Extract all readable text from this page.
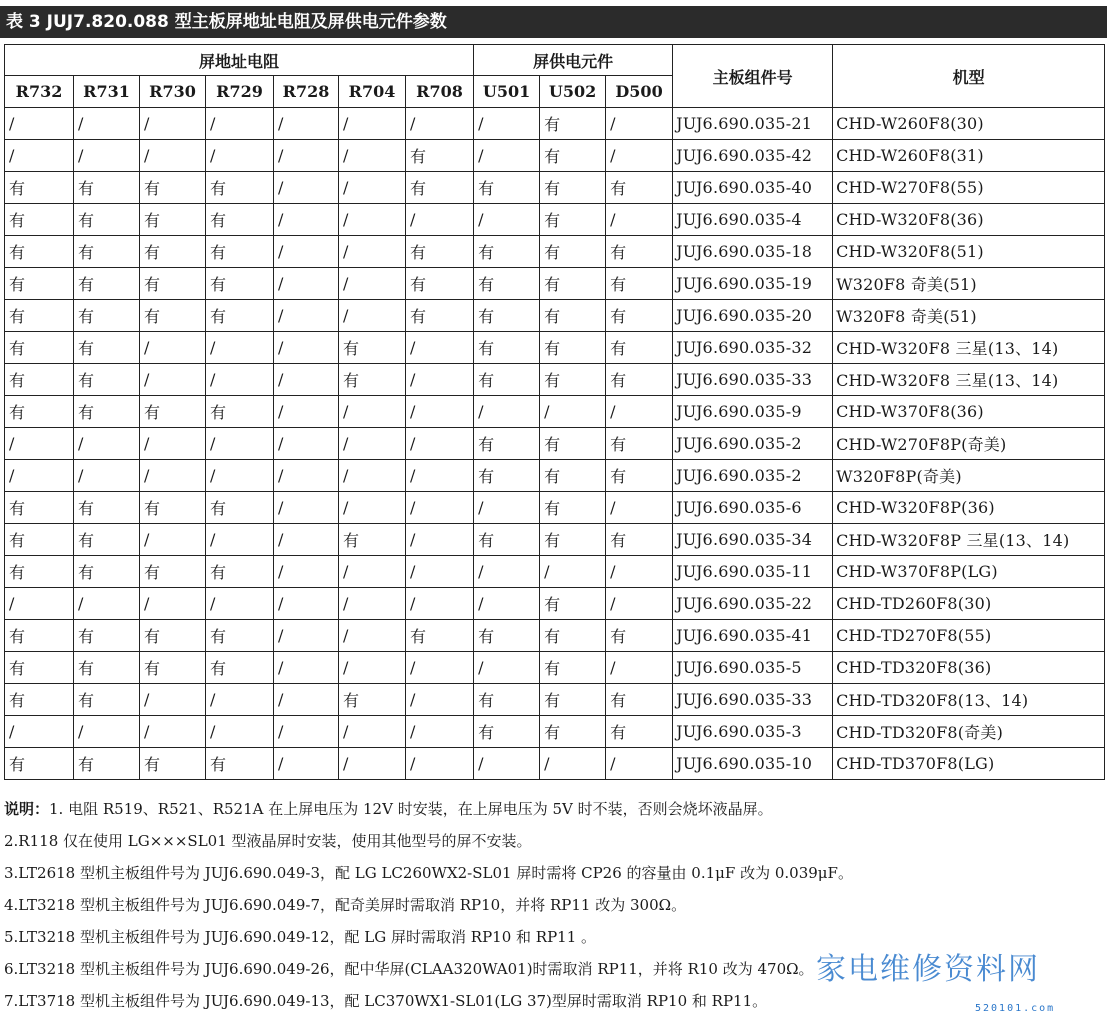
表 3 JUJ7.820.088 型主板屏地址电阻及屏供电元件参数
屏地址电阻							屏供电元件			主板组件号	机型
R732	R731	R730	R729	R728	R704	R708	U501	U502	D500		
/	/	/	/	/	/	/	/	有	/	JUJ6.690.035-21	CHD-W260F8(30)
/	/	/	/	/	/	有	/	有	/	JUJ6.690.035-42	CHD-W260F8(31)
有	有	有	有	/	/	有	有	有	有	JUJ6.690.035-40	CHD-W270F8(55)
有	有	有	有	/	/	/	/	有	/	JUJ6.690.035-4	CHD-W320F8(36)
有	有	有	有	/	/	有	有	有	有	JUJ6.690.035-18	CHD-W320F8(51)
有	有	有	有	/	/	有	有	有	有	JUJ6.690.035-19	W320F8 奇美(51)
有	有	有	有	/	/	有	有	有	有	JUJ6.690.035-20	W320F8 奇美(51)
有	有	/	/	/	有	/	有	有	有	JUJ6.690.035-32	CHD-W320F8 三星(13、14)
有	有	/	/	/	有	/	有	有	有	JUJ6.690.035-33	CHD-W320F8 三星(13、14)
有	有	有	有	/	/	/	/	/	/	JUJ6.690.035-9	CHD-W370F8(36)
/	/	/	/	/	/	/	有	有	有	JUJ6.690.035-2	CHD-W270F8P(奇美)
/	/	/	/	/	/	/	有	有	有	JUJ6.690.035-2	W320F8P(奇美)
有	有	有	有	/	/	/	/	有	/	JUJ6.690.035-6	CHD-W320F8P(36)
有	有	/	/	/	有	/	有	有	有	JUJ6.690.035-34	CHD-W320F8P 三星(13、14)
有	有	有	有	/	/	/	/	/	/	JUJ6.690.035-11	CHD-W370F8P(LG)
/	/	/	/	/	/	/	/	有	/	JUJ6.690.035-22	CHD-TD260F8(30)
有	有	有	有	/	/	有	有	有	有	JUJ6.690.035-41	CHD-TD270F8(55)
有	有	有	有	/	/	/	/	有	/	JUJ6.690.035-5	CHD-TD320F8(36)
有	有	/	/	/	有	/	有	有	有	JUJ6.690.035-33	CHD-TD320F8(13、14)
/	/	/	/	/	/	/	有	有	有	JUJ6.690.035-3	CHD-TD320F8(奇美)
有	有	有	有	/	/	/	/	/	/	JUJ6.690.035-10	CHD-TD370F8(LG)
说明：1. 电阻 R519、R521、R521A 在上屏电压为 12V 时安装，在上屏电压为 5V 时不装，否则会烧坏液晶屏。
2.R118 仅在使用 LG×××SL01 型液晶屏时安装，使用其他型号的屏不安装。
3.LT2618 型机主板组件号为 JUJ6.690.049-3，配 LG LC260WX2-SL01 屏时需将 CP26 的容量由 0.1μF 改为 0.039μF。
4.LT3218 型机主板组件号为 JUJ6.690.049-7，配奇美屏时需取消 RP10，并将 RP11 改为 300Ω。
5.LT3218 型机主板组件号为 JUJ6.690.049-12，配 LG 屏时需取消 RP10 和 RP11 。
6.LT3218 型机主板组件号为 JUJ6.690.049-26，配中华屏(CLAA320WA01)时需取消 RP11，并将 R10 改为 470Ω。
7.LT3718 型机主板组件号为 JUJ6.690.049-13，配 LC370WX1-SL01(LG 37)型屏时需取消 RP10 和 RP11。
家电维修资料网
520101.com
